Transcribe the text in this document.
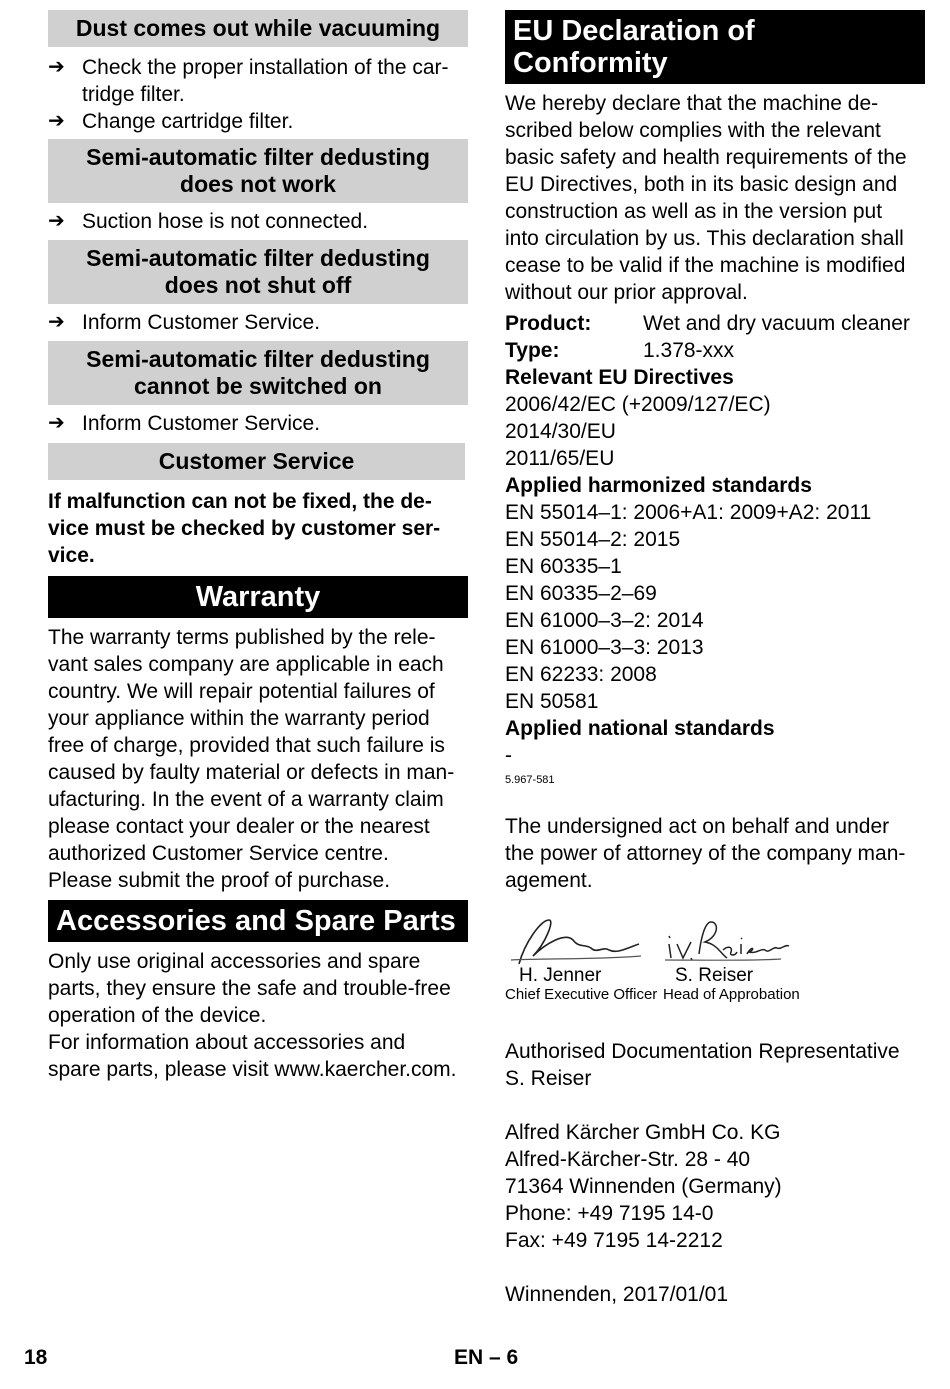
Dust comes out while vacuuming
➔ Check the proper installation of the car-
tridge filter.
➔ Change cartridge filter.
Semi-automatic filter dedusting
does not work
➔ Suction hose is not connected.
Semi-automatic filter dedusting
does not shut off
➔ Inform Customer Service.
Semi-automatic filter dedusting
cannot be switched on
➔ Inform Customer Service.
Customer Service
If malfunction can not be fixed, the de-
vice must be checked by customer ser-
vice.
Warranty
The warranty terms published by the rele-
vant sales company are applicable in each
country. We will repair potential failures of
your appliance within the warranty period
free of charge, provided that such failure is
caused by faulty material or defects in man-
ufacturing. In the event of a warranty claim
please contact your dealer or the nearest
authorized Customer Service centre.
Please submit the proof of purchase.
Accessories and Spare Parts
Only use original accessories and spare
parts, they ensure the safe and trouble-free
operation of the device.
For information about accessories and
spare parts, please visit www.kaercher.com.
EU Declaration of Conformity
We hereby declare that the machine de-
scribed below complies with the relevant
basic safety and health requirements of the
EU Directives, both in its basic design and
construction as well as in the version put
into circulation by us. This declaration shall
cease to be valid if the machine is modified
without our prior approval.
Product:	Wet and dry vacuum cleaner
Type:	1.378-xxx
Relevant EU Directives
2006/42/EC (+2009/127/EC)
2014/30/EU
2011/65/EU
Applied harmonized standards
EN 55014–1: 2006+A1: 2009+A2: 2011
EN 55014–2: 2015
EN 60335–1
EN 60335–2–69
EN 61000–3–2: 2014
EN 61000–3–3: 2013
EN 62233: 2008
EN 50581
Applied national standards
-
5.967-581
The undersigned act on behalf and under
the power of attorney of the company man-
agement.
H. Jenner
Chief Executive Officer
S. Reiser
Head of Approbation
Authorised Documentation Representative
S. Reiser
Alfred Kärcher GmbH Co. KG
Alfred-Kärcher-Str. 28 - 40
71364 Winnenden (Germany)
Phone: +49 7195 14-0
Fax: +49 7195 14-2212
Winnenden, 2017/01/01
18	EN – 6
